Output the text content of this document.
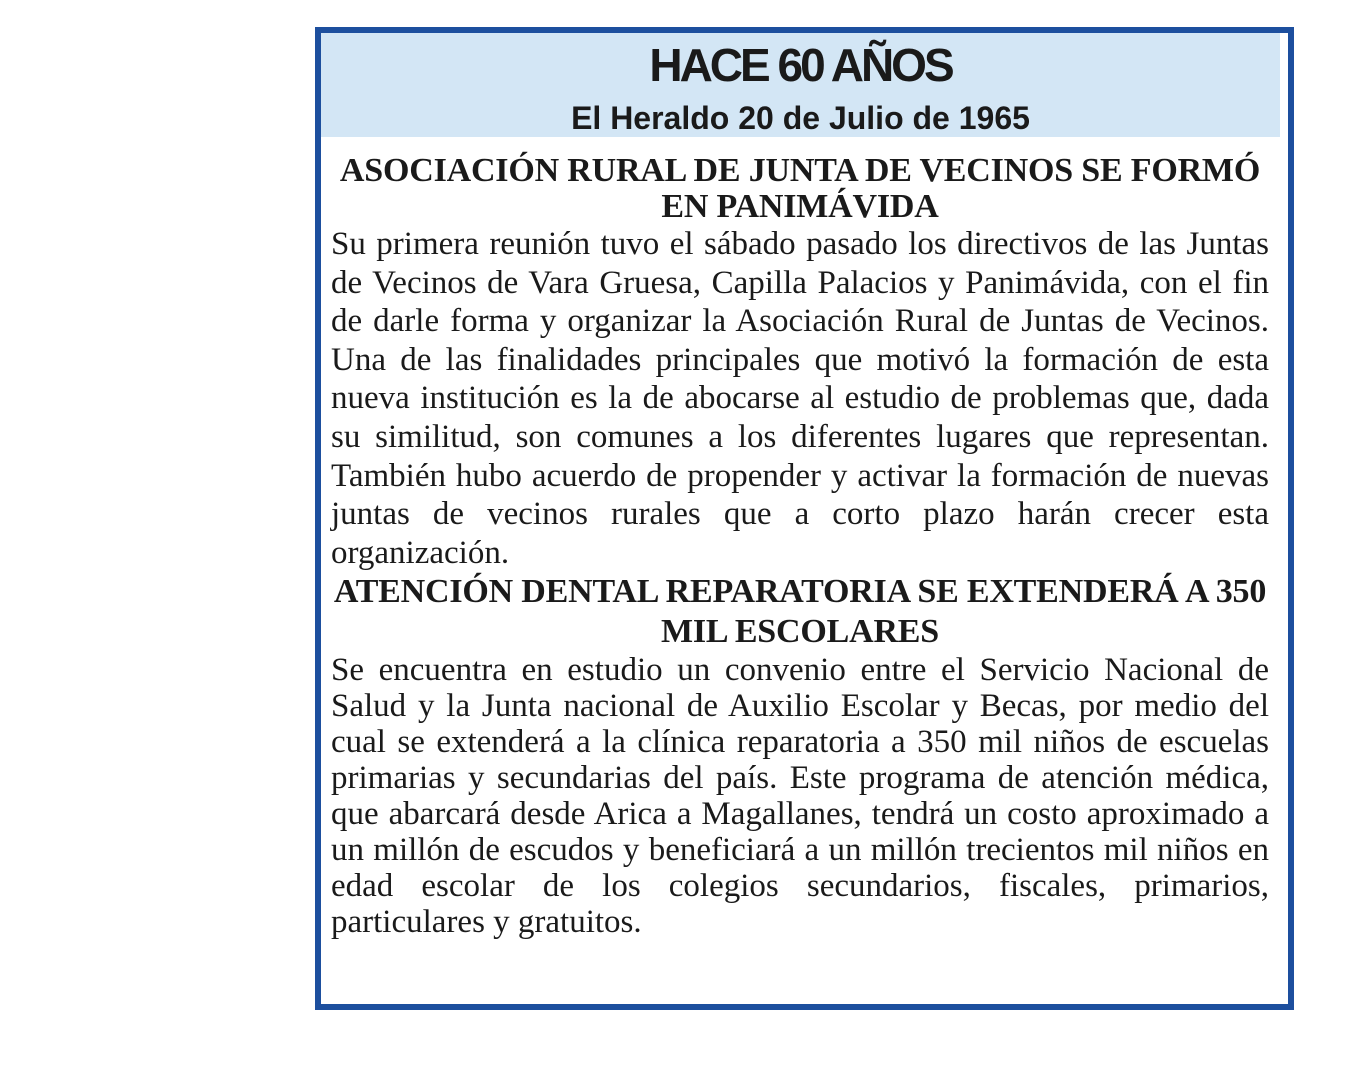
HACE 60 AÑOS
El Heraldo 20 de Julio de 1965
ASOCIACIÓN RURAL DE JUNTA DE VECINOS SE FORMÓ EN PANIMÁVIDA

Su primera reunión tuvo el sábado pasado los directivos de las Juntas de Vecinos de Vara Gruesa, Capilla Palacios y Panimávida, con el fin de darle forma y organizar la Asociación Rural de Juntas de Vecinos. Una de las finalidades principales que motivó la formación de esta nueva institución es la de abocarse al estudio de problemas que, dada su similitud, son comunes a los diferentes lugares que representan. También hubo acuerdo de propender y activar la formación de nuevas juntas de vecinos rurales que a corto plazo harán crecer esta organización.

ATENCIÓN DENTAL REPARATORIA SE EXTENDERÁ A 350 MIL ESCOLARES

Se encuentra en estudio un convenio entre el Servicio Nacional de Salud y la Junta nacional de Auxilio Escolar y Becas, por medio del cual se extenderá a la clínica reparatoria a 350 mil niños de escuelas primarias y secundarias del país. Este programa de atención médica, que abarcará desde Arica a Magallanes, tendrá un costo aproximado a un millón de escudos y beneficiará a un millón trecientos mil niños en edad escolar de los colegios secundarios, fiscales, primarios, particulares y gratuitos.
